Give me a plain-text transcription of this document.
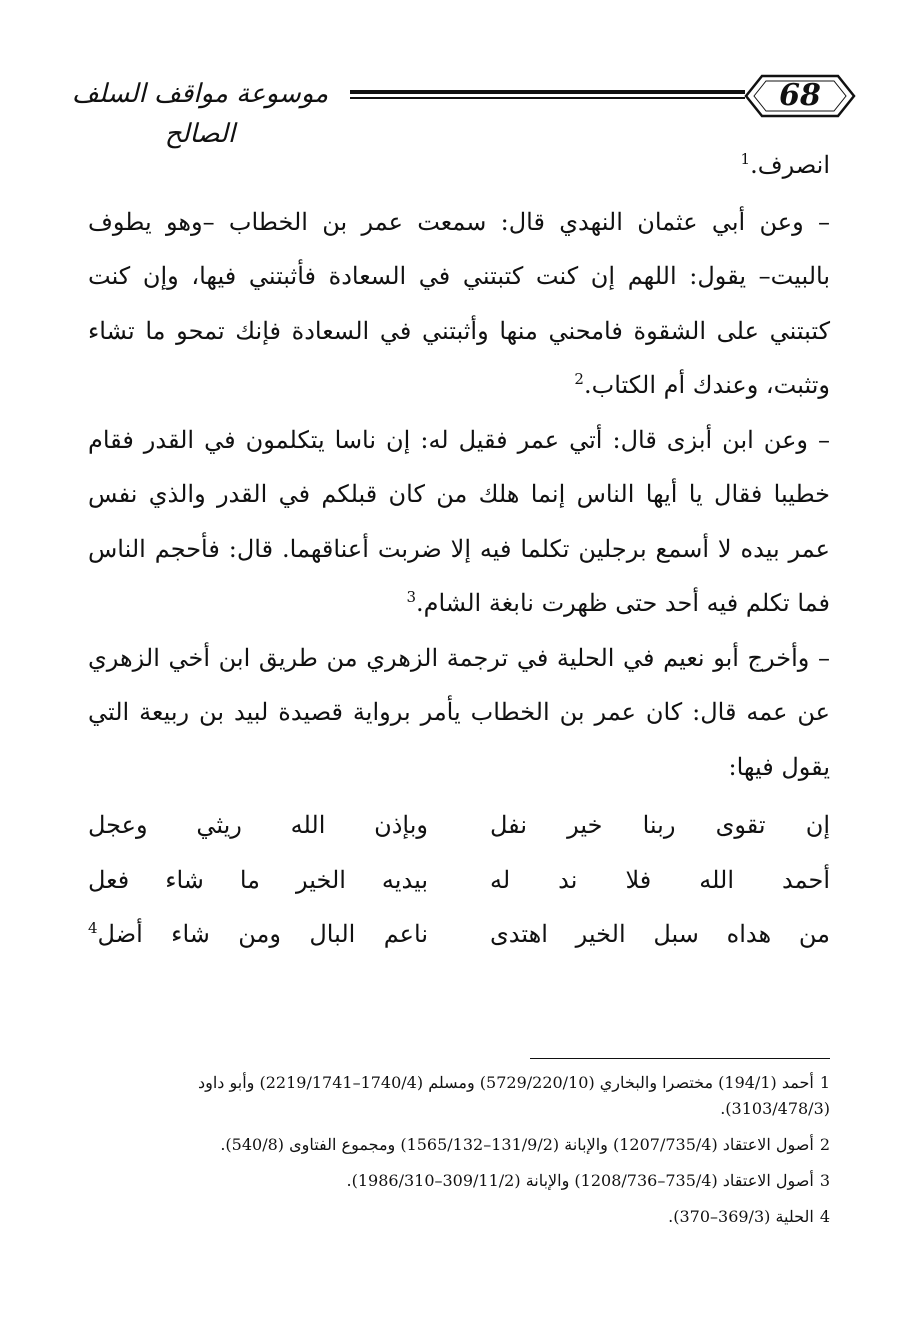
موسوعة مواقف السلف الصالح
68

انصرف.$^1$

– وعن أبي عثمان النهدي قال: سمعت عمر بن الخطاب –وهو يطوف بالبيت– يقول: اللهم إن كنت كتبتني في السعادة فأثبتني فيها، وإن كنت كتبتني على الشقوة فامحني منها وأثبتني في السعادة فإنك تمحو ما تشاء وتثبت، وعندك أم الكتاب.$^2$

– وعن ابن أبزى قال: أتي عمر فقيل له: إن ناسا يتكلمون في القدر فقام خطيبا فقال يا أيها الناس إنما هلك من كان قبلكم في القدر والذي نفس عمر بيده لا أسمع برجلين تكلما فيه إلا ضربت أعناقهما. قال: فأحجم الناس فما تكلم فيه أحد حتى ظهرت نابغة الشام.$^3$

– وأخرج أبو نعيم في الحلية في ترجمة الزهري من طريق ابن أخي الزهري عن عمه قال: كان عمر بن الخطاب يأمر برواية قصيدة لبيد بن ربيعة التي يقول فيها:

إن تقوى ربنا خير نفل
وبإذن الله ريثي وعجل
أحمد الله فلا ند له
بيديه الخير ما شاء فعل
من هداه سبل الخير اهتدى
ناعم البال ومن شاء أضل$^4$

1أحمد (194/1) مختصرا والبخاري (5729/220/10) ومسلم (1740/4–2219/1741) وأبو داود (3103/478/3).

2أصول الاعتقاد (1207/735/4) والإبانة (131/9/2–1565/132) ومجموع الفتاوى (540/8).

3أصول الاعتقاد (735/4–1208/736) والإبانة (309/11/2–1986/310).

4الحلية (369/3–370).
